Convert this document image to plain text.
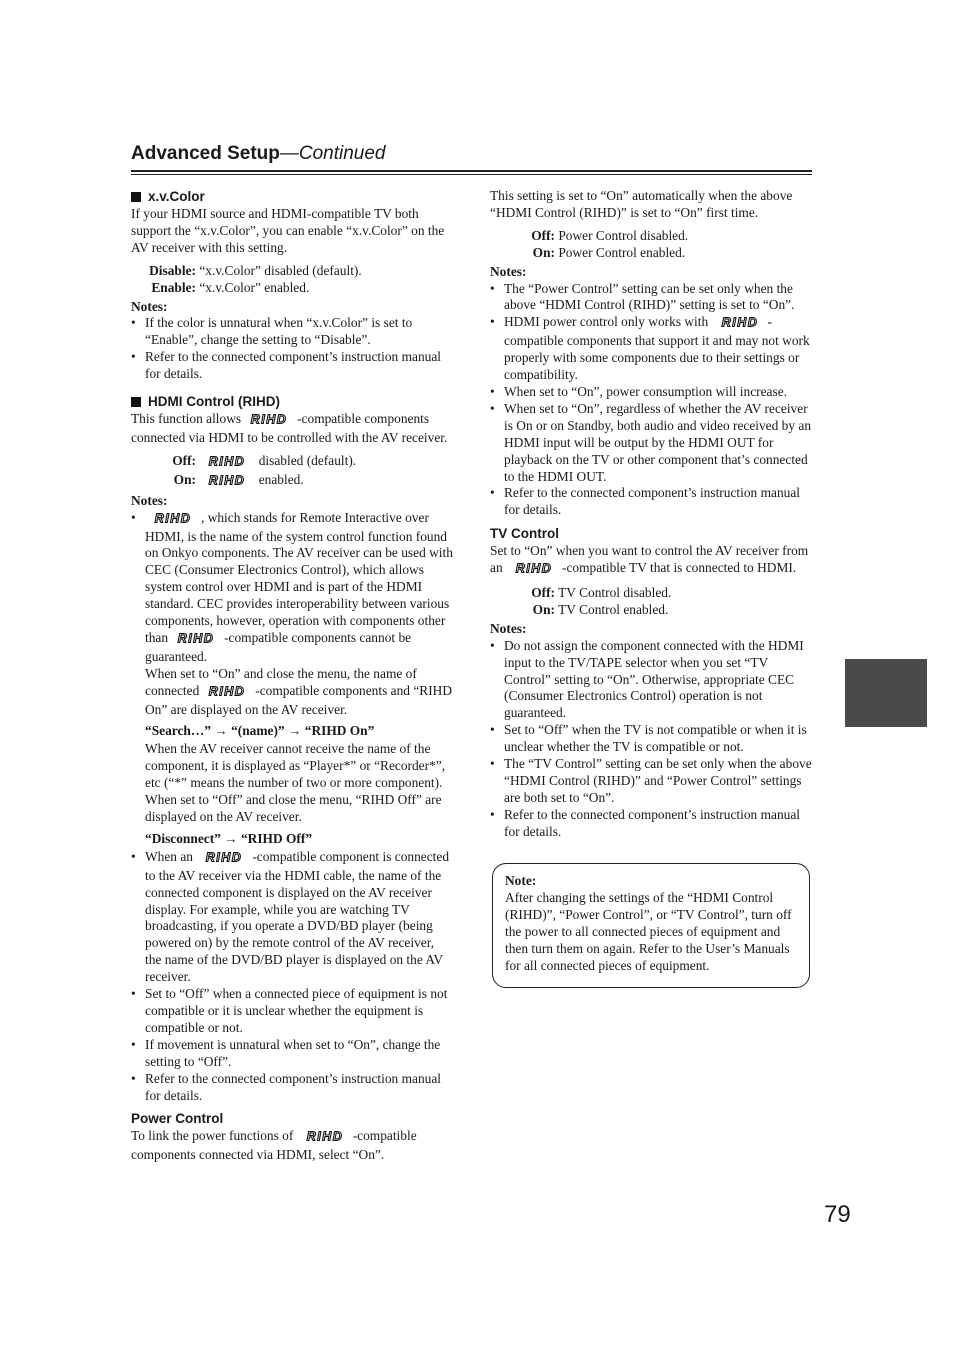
Advanced Setup—Continued
x.v.Color

If your HDMI source and HDMI-compatible TV both support the “x.v.Color”, you can enable “x.v.Color” on the AV receiver with this setting.

Disable: “x.v.Color” disabled (default).
Enable: “x.v.Color” enabled.
Notes:
• If the color is unnatural when “x.v.Color” is set to “Enable”, change the setting to “Disable”.
• Refer to the connected component’s instruction manual for details.
HDMI Control (RIHD)

This function allows RIHD -compatible components connected via HDMI to be controlled with the AV receiver.

Off: RIHD disabled (default).
On: RIHD enabled.
Notes:
• RIHD , which stands for Remote Interactive over HDMI, is the name of the system control function found on Onkyo components. The AV receiver can be used with CEC (Consumer Electronics Control), which allows system control over HDMI and is part of the HDMI standard. CEC provides interoperability between various components, however, operation with components other than RIHD -compatible components cannot be guaranteed.

When set to “On” and close the menu, the name of connected RIHD -compatible components and “RIHD On” are displayed on the AV receiver.

“Search…” → “(name)” → “RIHD On”

When the AV receiver cannot receive the name of the component, it is displayed as “Player*” or “Recorder*”, etc (“*” means the number of two or more component).

When set to “Off” and close the menu, “RIHD Off” are displayed on the AV receiver.

“Disconnect” → “RIHD Off”
• When an RIHD -compatible component is connected to the AV receiver via the HDMI cable, the name of the connected component is displayed on the AV receiver display. For example, while you are watching TV broadcasting, if you operate a DVD/BD player (being powered on) by the remote control of the AV receiver, the name of the DVD/BD player is displayed on the AV receiver.
• Set to “Off” when a connected piece of equipment is not compatible or it is unclear whether the equipment is compatible or not.
• If movement is unnatural when set to “On”, change the setting to “Off”.
• Refer to the connected component’s instruction manual for details.
Power Control

To link the power functions of RIHD -compatible components connected via HDMI, select “On”.

This setting is set to “On” automatically when the above “HDMI Control (RIHD)” is set to “On” first time.

Off: Power Control disabled.
On: Power Control enabled.
Notes:
• The “Power Control” setting can be set only when the above “HDMI Control (RIHD)” setting is set to “On”.
• HDMI power control only works with RIHD -compatible components that support it and may not work properly with some components due to their settings or compatibility.
• When set to “On”, power consumption will increase.
• When set to “On”, regardless of whether the AV receiver is On or on Standby, both audio and video received by an HDMI input will be output by the HDMI OUT for playback on the TV or other component that’s connected to the HDMI OUT.
• Refer to the connected component’s instruction manual for details.
TV Control

Set to “On” when you want to control the AV receiver from an RIHD -compatible TV that is connected to HDMI.

Off: TV Control disabled.
On: TV Control enabled.
Notes:
• Do not assign the component connected with the HDMI input to the TV/TAPE selector when you set “TV Control” setting to “On”. Otherwise, appropriate CEC (Consumer Electronics Control) operation is not guaranteed.
• Set to “Off” when the TV is not compatible or when it is unclear whether the TV is compatible or not.
• The “TV Control” setting can be set only when the above “HDMI Control (RIHD)” and “Power Control” settings are both set to “On”.
• Refer to the connected component’s instruction manual for details.
Note:

After changing the settings of the “HDMI Control (RIHD)”, “Power Control”, or “TV Control”, turn off the power to all connected pieces of equipment and then turn them on again. Refer to the User’s Manuals for all connected pieces of equipment.

79
